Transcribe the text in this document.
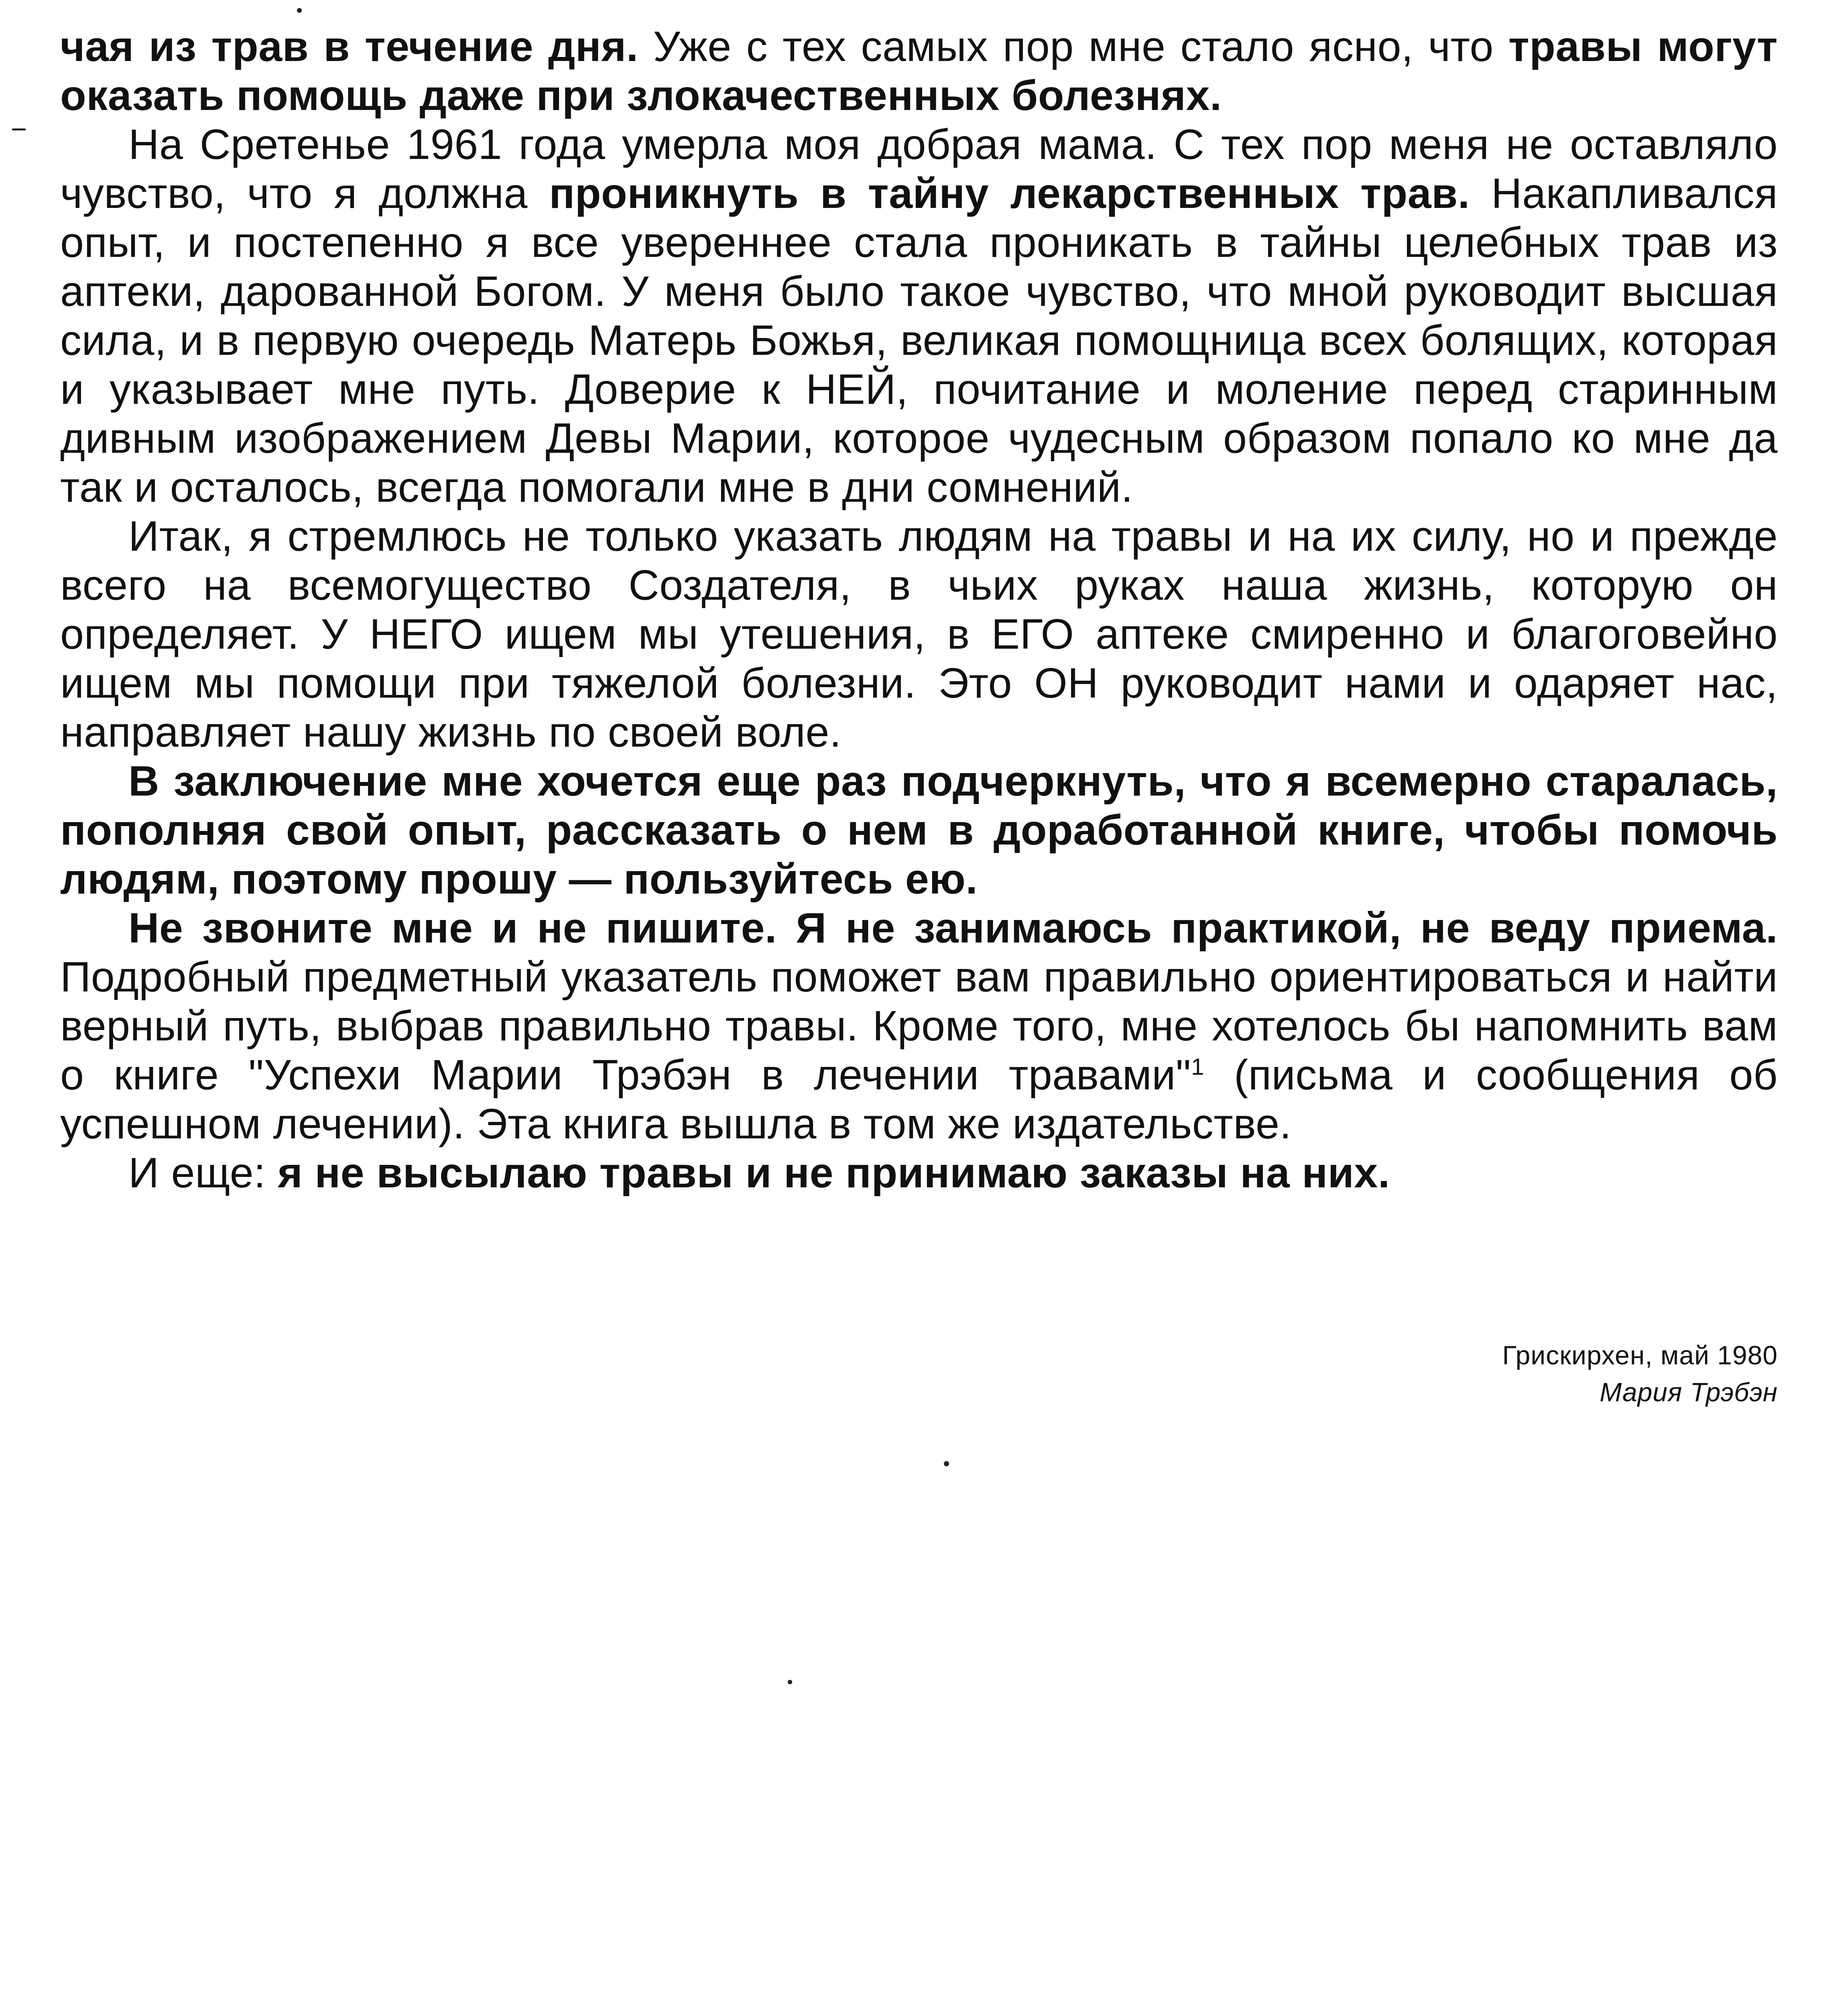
чая из трав в течение дня. Уже с тех самых пор мне стало ясно, что травы могут оказать помощь даже при злокачественных болезнях.

На Сретенье 1961 года умерла моя добрая мама. С тех пор меня не оставляло чувство, что я должна проникнуть в тайну лекарственных трав. Накапливался опыт, и постепенно я все увереннее стала проникать в тайны целебных трав из аптеки, дарованной Богом. У меня было такое чувство, что мной руководит высшая сила, и в первую очередь Матерь Божья, великая помощница всех болящих, которая и указывает мне путь. Доверие к НЕЙ, почитание и моление перед старинным дивным изображением Девы Марии, которое чудесным образом попало ко мне да так и осталось, всегда помогали мне в дни сомнений.

Итак, я стремлюсь не только указать людям на травы и на их силу, но и прежде всего на всемогущество Создателя, в чьих руках наша жизнь, которую он определяет. У НЕГО ищем мы утешения, в ЕГО аптеке смиренно и благоговейно ищем мы помощи при тяжелой болезни. Это ОН руководит нами и одаряет нас, направляет нашу жизнь по своей воле.

В заключение мне хочется еще раз подчеркнуть, что я всемерно старалась, пополняя свой опыт, рассказать о нем в доработанной книге, чтобы помочь людям, поэтому прошу — пользуйтесь ею.

Не звоните мне и не пишите. Я не занимаюсь практикой, не веду приема. Подробный предметный указатель поможет вам правильно ориентироваться и найти верный путь, выбрав правильно травы. Кроме того, мне хотелось бы напомнить вам о книге "Успехи Марии Трэбэн в лечении травами"$^1$ (письма и сообщения об успешном лечении). Эта книга вышла в том же издательстве.

И еще: я не высылаю травы и не принимаю заказы на них.

Грискирхен, май 1980
Мария Трэбэн
